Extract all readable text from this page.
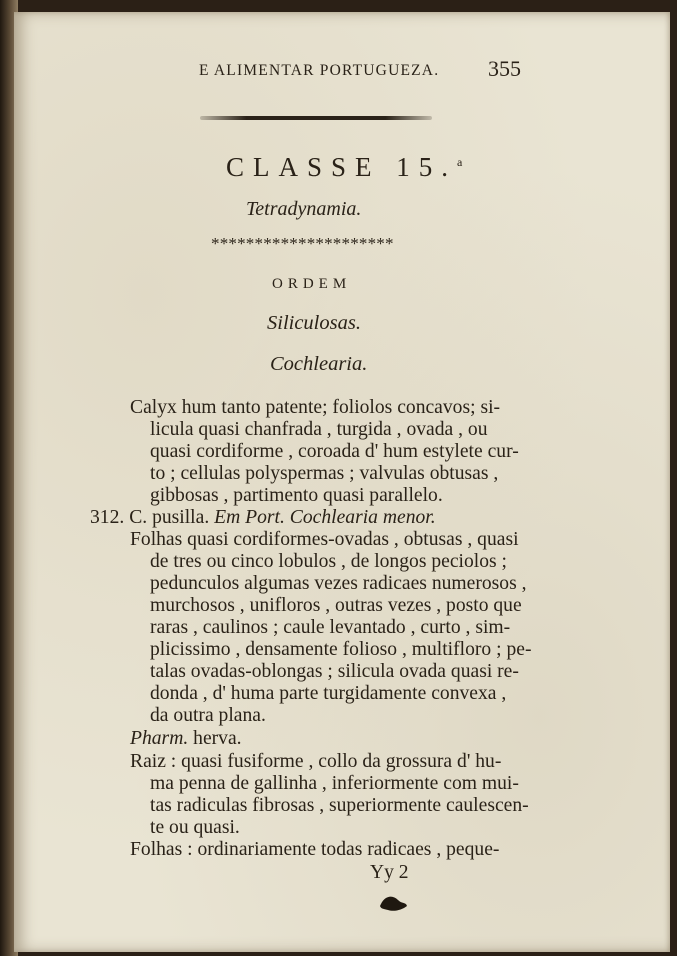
E ALIMENTAR PORTUGUEZA. 355
CLASSE 15.$^a$
Tetradynamia.
*********************
ORDEM
Siliculosas.
Cochlearia.
Calyx hum tanto patente; foliolos concavos; si-
licula quasi chanfrada , turgida , ovada , ou
quasi cordiforme , coroada d' hum estylete cur-
to ; cellulas polyspermas ; valvulas obtusas ,
gibbosas , partimento quasi parallelo.
312. C. pusilla. Em Port. Cochlearia menor.
Folhas quasi cordiformes-ovadas , obtusas , quasi
de tres ou cinco lobulos , de longos peciolos ;
pedunculos algumas vezes radicaes numerosos ,
murchosos , unifloros , outras vezes , posto que
raras , caulinos ; caule levantado , curto , sim-
plicissimo , densamente folioso , multifloro ; pe-
talas ovadas-oblongas ; silicula ovada quasi re-
donda , d' huma parte turgidamente convexa ,
da outra plana.
Pharm. herva.
Raiz : quasi fusiforme , collo da grossura d' hu-
ma penna de gallinha , inferiormente com mui-
tas radiculas fibrosas , superiormente caulescen-
te ou quasi.
Folhas : ordinariamente todas radicaes , peque-
Yy 2
